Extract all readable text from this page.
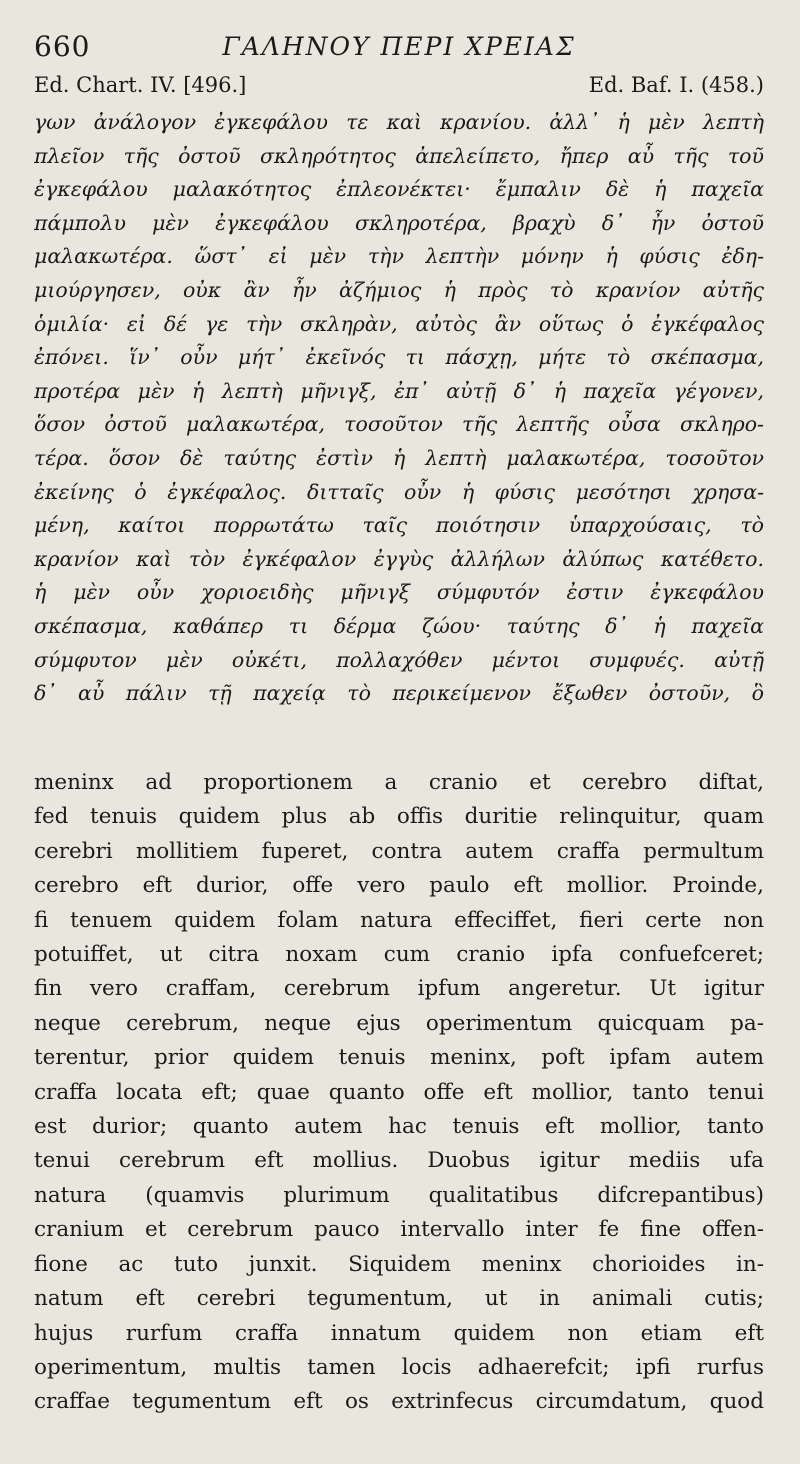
660	ΓΑΛΗΝΟΥ ΠΕΡΙ ΧΡΕΙΑΣ
Ed. Chart. IV. [496.]	Ed. Baf. I. (458.)
γων ἀνάλογον ἐγκεφάλου τε καὶ κρανίου. ἀλλ᾽ ἡ μὲν λεπτὴ
πλεῖον τῆς ὀστοῦ σκληρότητος ἀπελείπετο, ἤπερ αὖ τῆς τοῦ
ἐγκεφάλου μαλακότητος ἐπλεονέκτει· ἔμπαλιν δὲ ἡ παχεῖα
πάμπολυ μὲν ἐγκεφάλου σκληροτέρα, βραχὺ δ᾽ ἦν ὀστοῦ
μαλακωτέρα. ὥστ᾽ εἰ μὲν τὴν λεπτὴν μόνην ἡ φύσις ἐδη-
μιούργησεν, οὐκ ἂν ἦν ἀζήμιος ἡ πρὸς τὸ κρανίον αὐτῆς
ὁμιλία· εἰ δέ γε τὴν σκληρὰν, αὐτὸς ἂν οὕτως ὁ ἐγκέφαλος
ἐπόνει. ἵν᾽ οὖν μήτ᾽ ἐκεῖνός τι πάσχῃ, μήτε τὸ σκέπασμα,
προτέρα μὲν ἡ λεπτὴ μῆνιγξ, ἐπ᾽ αὐτῇ δ᾽ ἡ παχεῖα γέγονεν,
ὅσον ὀστοῦ μαλακωτέρα, τοσοῦτον τῆς λεπτῆς οὖσα σκληρο-
τέρα. ὅσον δὲ ταύτης ἐστὶν ἡ λεπτὴ μαλακωτέρα, τοσοῦτον
ἐκείνης ὁ ἐγκέφαλος. διτταῖς οὖν ἡ φύσις μεσότησι χρησα-
μένη, καίτοι πορρωτάτω ταῖς ποιότησιν ὑπαρχούσαις, τὸ
κρανίον καὶ τὸν ἐγκέφαλον ἐγγὺς ἀλλήλων ἀλύπως κατέθετο.
ἡ μὲν οὖν χοριοειδὴς μῆνιγξ σύμφυτόν ἐστιν ἐγκεφάλου
σκέπασμα, καθάπερ τι δέρμα ζώου· ταύτης δ᾽ ἡ παχεῖα
σύμφυτον μὲν οὐκέτι, πολλαχόθεν μέντοι συμφυές. αὐτῇ
δ᾽ αὖ πάλιν τῇ παχείᾳ τὸ περικείμενον ἔξωθεν ὀστοῦν, ὃ
meninx ad proportionem a cranio et cerebro diftat,
fed tenuis quidem plus ab offis duritie relinquitur, quam
cerebri mollitiem fuperet, contra autem craffa permultum
cerebro eft durior, offe vero paulo eft mollior. Proinde,
fi tenuem quidem folam natura effeciffet, fieri certe non
potuiffet, ut citra noxam cum cranio ipfa confuefceret;
fin vero craffam, cerebrum ipfum angeretur. Ut igitur
neque cerebrum, neque ejus operimentum quicquam pa-
terentur, prior quidem tenuis meninx, poft ipfam autem
craffa locata eft; quae quanto offe eft mollior, tanto tenui
est durior; quanto autem hac tenuis eft mollior, tanto
tenui cerebrum eft mollius. Duobus igitur mediis ufa
natura (quamvis plurimum qualitatibus difcrepantibus)
cranium et cerebrum pauco intervallo inter fe fine offen-
fione ac tuto junxit. Siquidem meninx chorioides in-
natum eft cerebri tegumentum, ut in animali cutis;
hujus rurfum craffa innatum quidem non etiam eft
operimentum, multis tamen locis adhaerefcit; ipfi rurfus
craffae tegumentum eft os extrinfecus circumdatum, quod
